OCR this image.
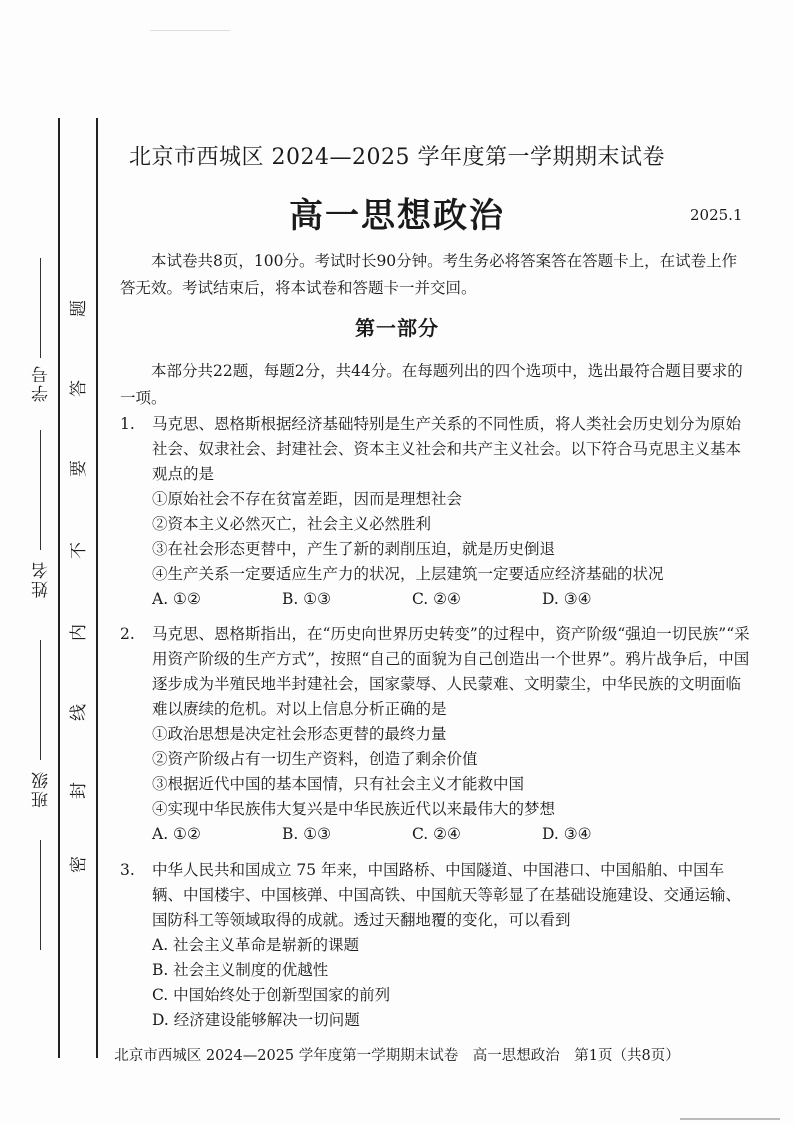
学号
姓名
班级
密
封
线
内
不
要
答
题
北京市西城区 2024—2025 学年度第一学期期末试卷
高一思想政治	2025.1
本试卷共8页，100分。考试时长90分钟。考生务必将答案答在答题卡上，在试卷上作答无效。考试结束后，将本试卷和答题卡一并交回。
第一部分
本部分共22题，每题2分，共44分。在每题列出的四个选项中，选出最符合题目要求的一项。
1. 马克思、恩格斯根据经济基础特别是生产关系的不同性质，将人类社会历史划分为原始社会、奴隶社会、封建社会、资本主义社会和共产主义社会。以下符合马克思主义基本观点的是
①原始社会不存在贫富差距，因而是理想社会
②资本主义必然灭亡，社会主义必然胜利
③在社会形态更替中，产生了新的剥削压迫，就是历史倒退
④生产关系一定要适应生产力的状况，上层建筑一定要适应经济基础的状况
A. ①②	B. ①③	C. ②④	D. ③④
2. 马克思、恩格斯指出，在“历史向世界历史转变”的过程中，资产阶级“强迫一切民族”“采用资产阶级的生产方式”，按照“自己的面貌为自己创造出一个世界”。鸦片战争后，中国逐步成为半殖民地半封建社会，国家蒙辱、人民蒙难、文明蒙尘，中华民族的文明面临难以赓续的危机。对以上信息分析正确的是
①政治思想是决定社会形态更替的最终力量
②资产阶级占有一切生产资料，创造了剩余价值
③根据近代中国的基本国情，只有社会主义才能救中国
④实现中华民族伟大复兴是中华民族近代以来最伟大的梦想
A. ①②	B. ①③	C. ②④	D. ③④
3. 中华人民共和国成立 75 年来，中国路桥、中国隧道、中国港口、中国船舶、中国车辆、中国楼宇、中国核弹、中国高铁、中国航天等彰显了在基础设施建设、交通运输、国防科工等领域取得的成就。透过天翻地覆的变化，可以看到
A. 社会主义革命是崭新的课题
B. 社会主义制度的优越性
C. 中国始终处于创新型国家的前列
D. 经济建设能够解决一切问题
北京市西城区 2024—2025 学年度第一学期期末试卷　高一思想政治　第1页（共8页）
